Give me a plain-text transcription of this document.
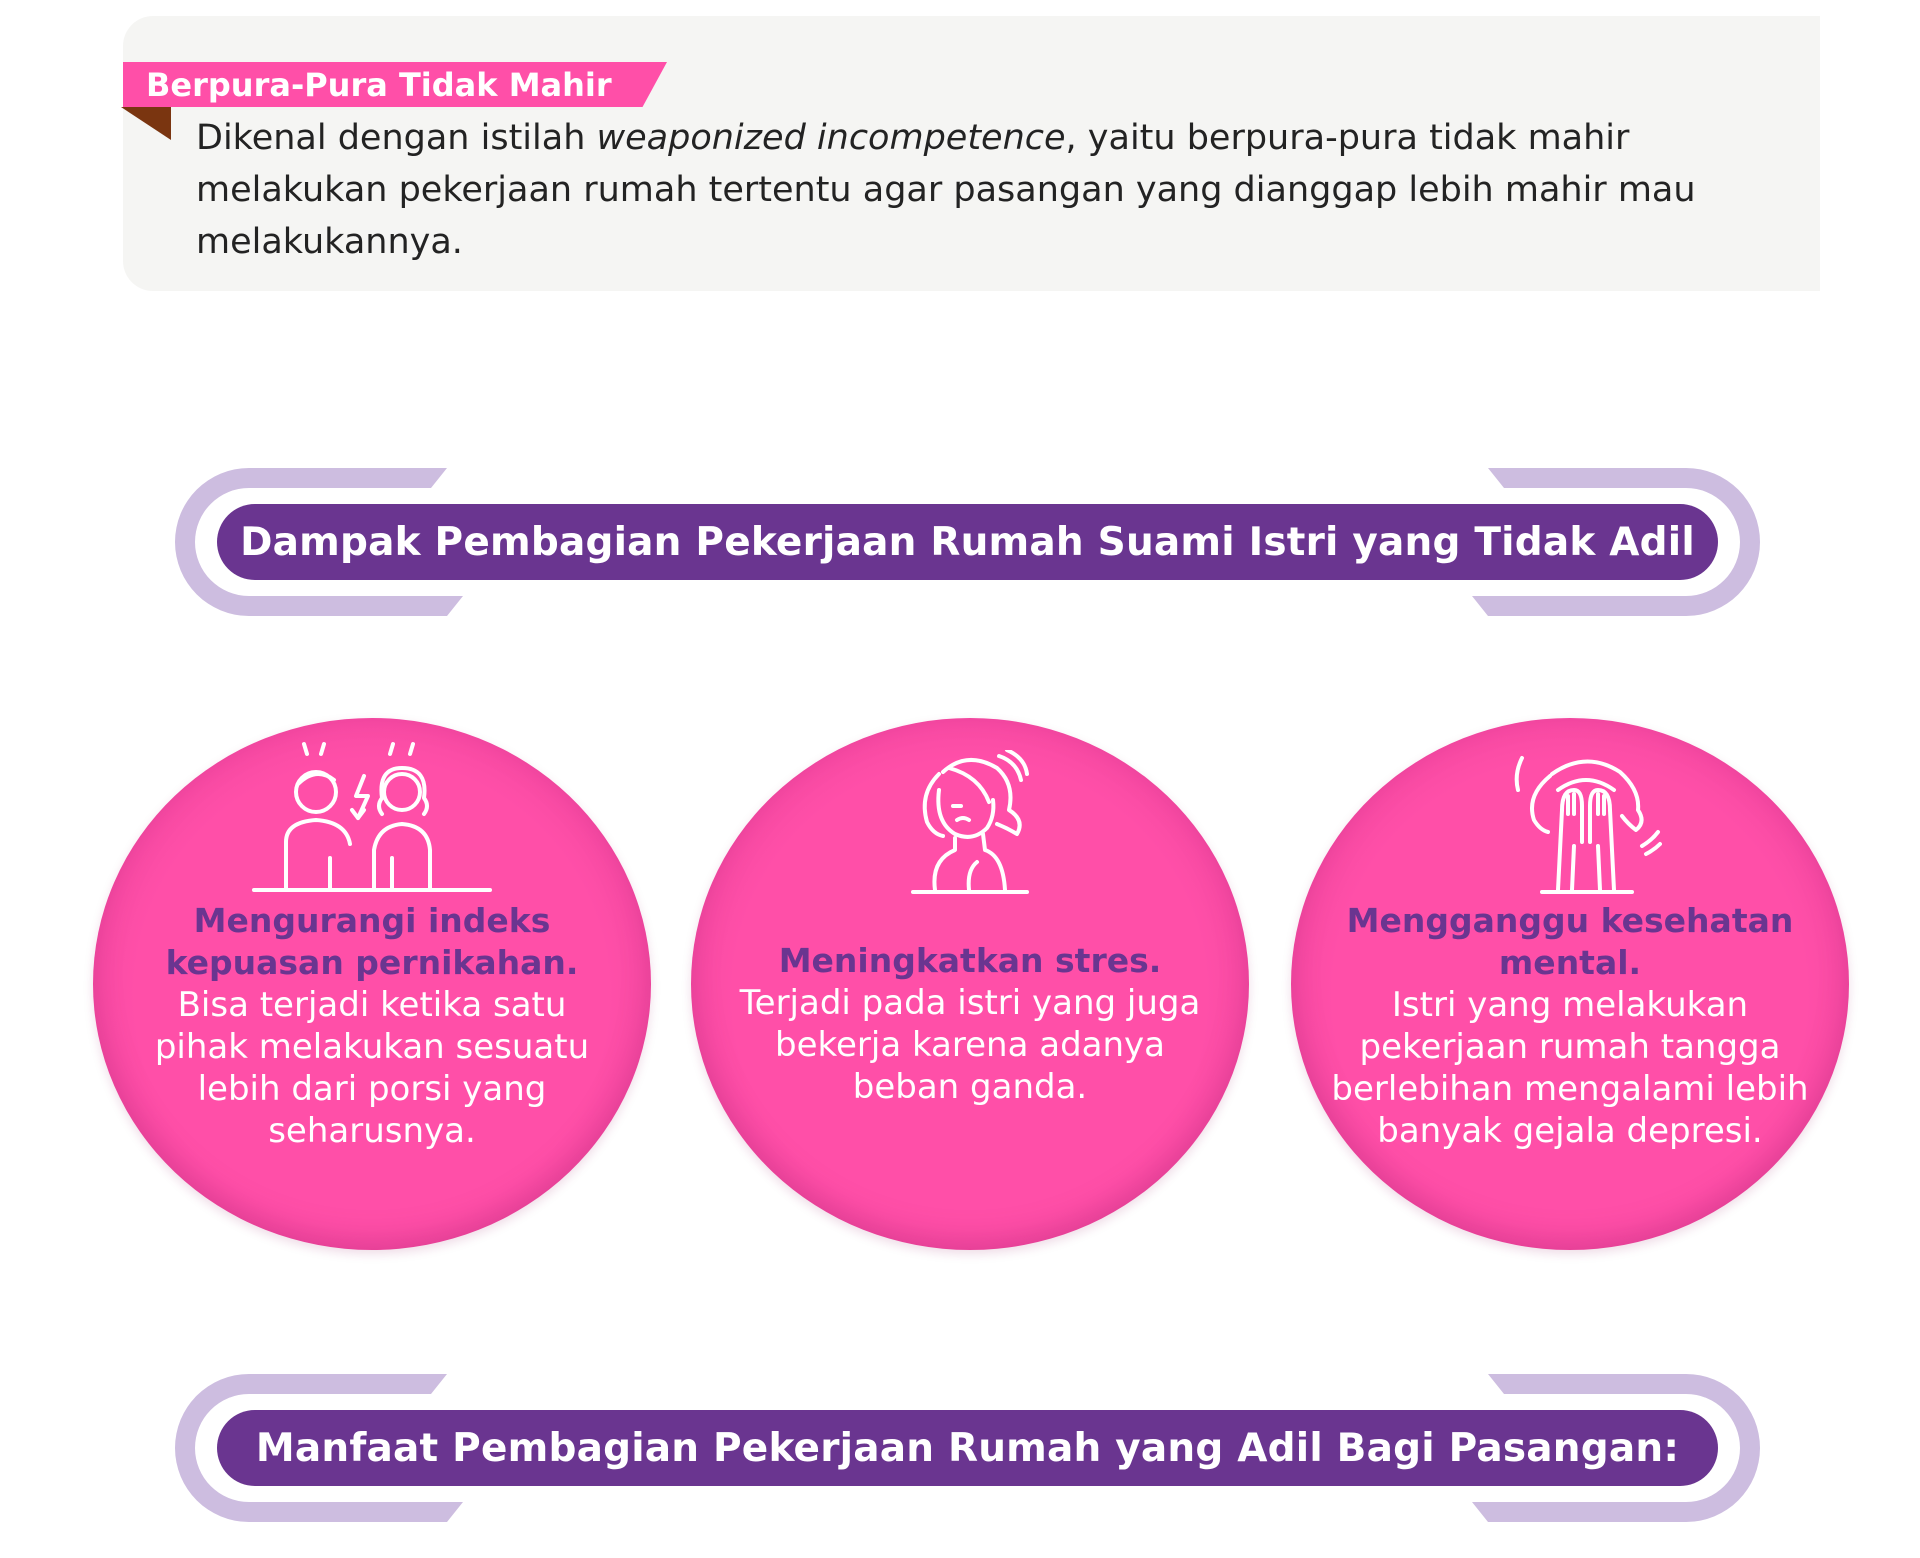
Berpura-Pura Tidak Mahir
Dikenal dengan istilah weaponized incompetence, yaitu berpura-pura tidak mahir melakukan pekerjaan rumah tertentu agar pasangan yang dianggap lebih mahir mau melakukannya.
Dampak Pembagian Pekerjaan Rumah Suami Istri yang Tidak Adil
Mengurangi indeks kepuasan pernikahan.
Bisa terjadi ketika satu pihak melakukan sesuatu lebih dari porsi yang seharusnya.
Meningkatkan stres.
Terjadi pada istri yang juga bekerja karena adanya beban ganda.
Mengganggu kesehatan mental.
Istri yang melakukan pekerjaan rumah tangga berlebihan mengalami lebih banyak gejala depresi.
Manfaat Pembagian Pekerjaan Rumah yang Adil Bagi Pasangan:
